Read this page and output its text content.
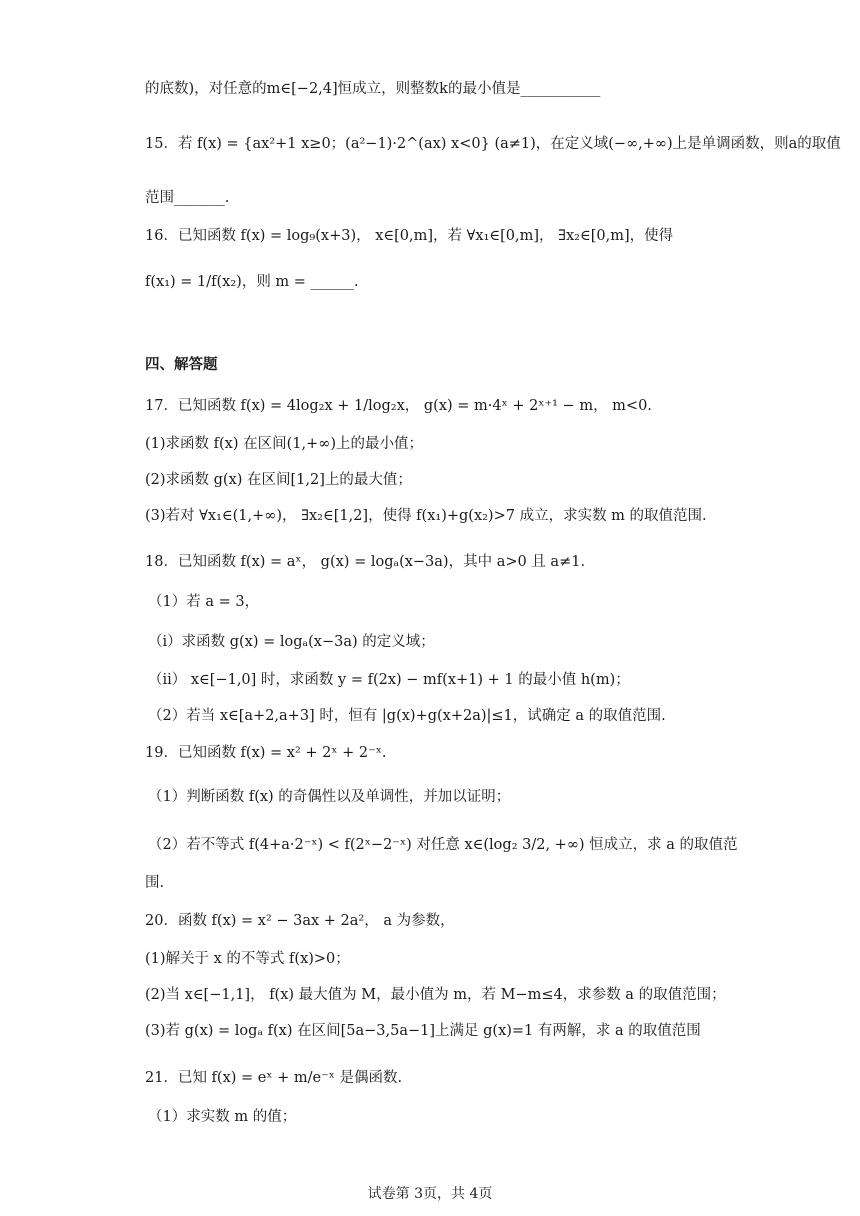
的底数)，对任意的m∈[−2,4]恒成立，则整数k的最小值是___________
15．若 f(x) = {ax²+1 x≥0；(a²−1)·2^(ax) x<0} (a≠1)，在定义域(−∞,+∞)上是单调函数，则a的取值
范围_______.
16．已知函数 f(x) = log₉(x+3)， x∈[0,m]，若 ∀x₁∈[0,m]， ∃x₂∈[0,m]，使得
f(x₁) = 1/f(x₂)，则 m = ______.
四、解答题
17．已知函数 f(x) = 4log₂x + 1/log₂x， g(x) = m·4ˣ + 2ˣ⁺¹ − m， m<0.
(1)求函数 f(x) 在区间(1,+∞)上的最小值；
(2)求函数 g(x) 在区间[1,2]上的最大值；
(3)若对 ∀x₁∈(1,+∞)， ∃x₂∈[1,2]，使得 f(x₁)+g(x₂)>7 成立，求实数 m 的取值范围.
18．已知函数 f(x) = aˣ， g(x) = logₐ(x−3a)，其中 a>0 且 a≠1.
（1）若 a = 3，
（i）求函数 g(x) = logₐ(x−3a) 的定义域；
（ii） x∈[−1,0] 时，求函数 y = f(2x) − mf(x+1) + 1 的最小值 h(m)；
（2）若当 x∈[a+2,a+3] 时，恒有 |g(x)+g(x+2a)|≤1，试确定 a 的取值范围.
19．已知函数 f(x) = x² + 2ˣ + 2⁻ˣ.
（1）判断函数 f(x) 的奇偶性以及单调性，并加以证明；
（2）若不等式 f(4+a·2⁻ˣ) < f(2ˣ−2⁻ˣ) 对任意 x∈(log₂ 3/2, +∞) 恒成立，求 a 的取值范
围.
20．函数 f(x) = x² − 3ax + 2a²， a 为参数，
(1)解关于 x 的不等式 f(x)>0；
(2)当 x∈[−1,1]， f(x) 最大值为 M，最小值为 m，若 M−m≤4，求参数 a 的取值范围；
(3)若 g(x) = logₐ f(x) 在区间[5a−3,5a−1]上满足 g(x)=1 有两解，求 a 的取值范围
21．已知 f(x) = eˣ + m/e⁻ˣ 是偶函数.
（1）求实数 m 的值；
试卷第 3页，共 4页
